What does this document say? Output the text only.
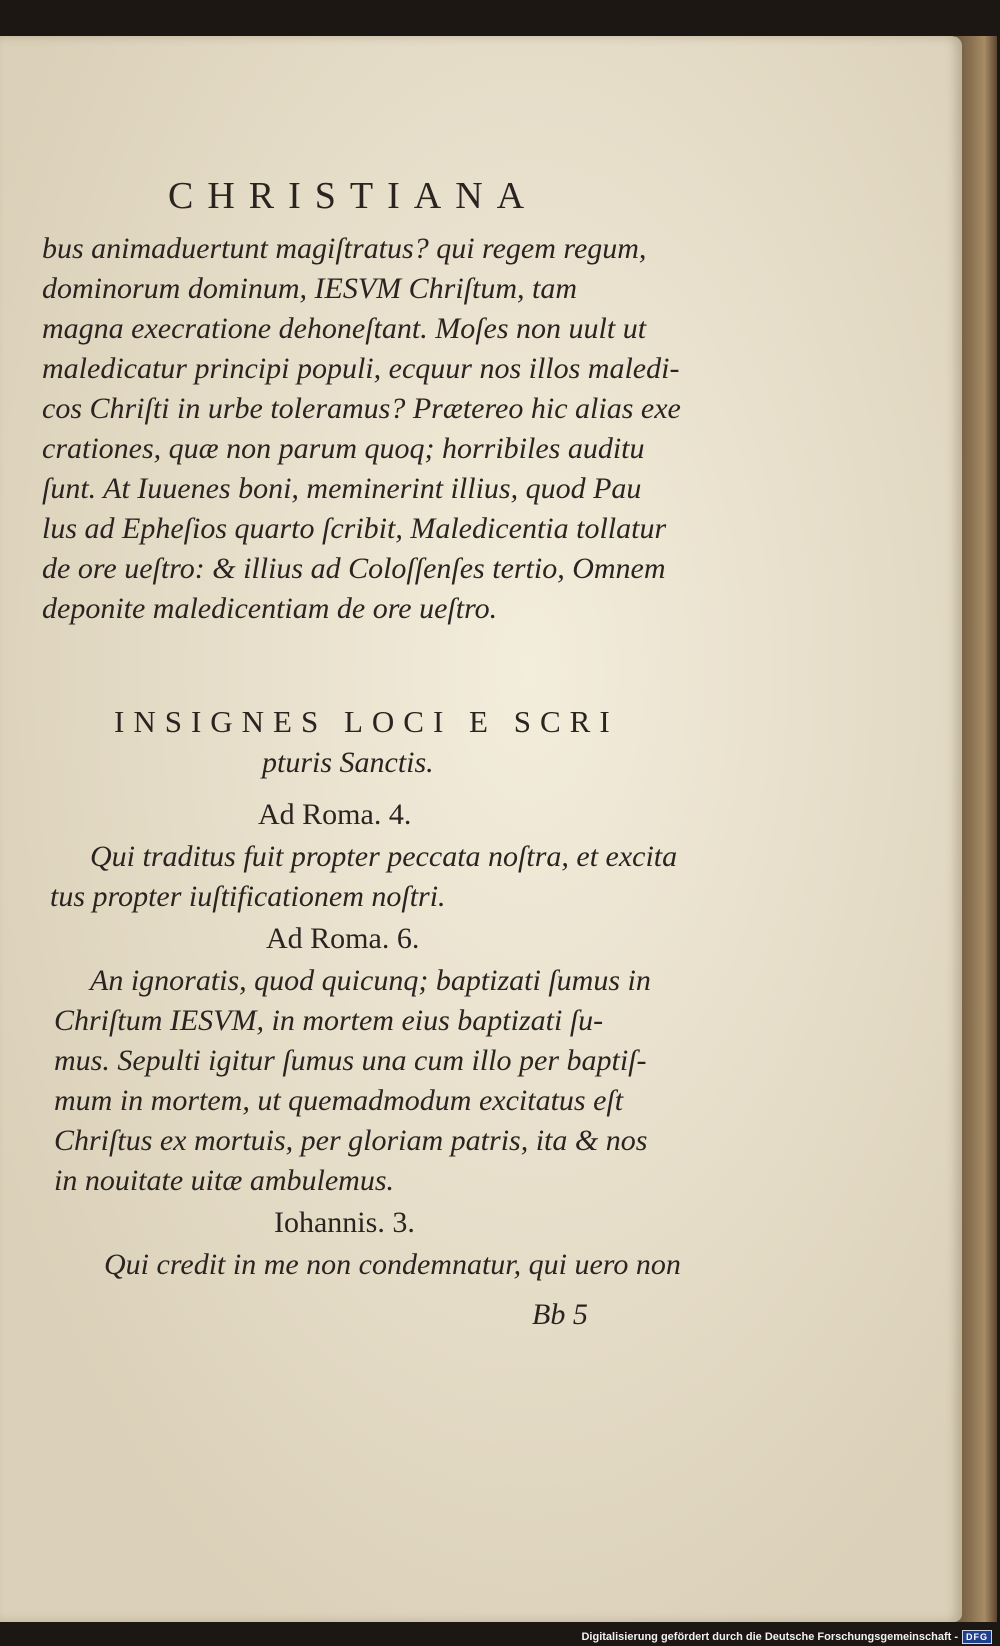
CHRISTIANA
bus animaduertunt magiſtratus? qui regem regum,
dominorum dominum, IESVM Chriſtum, tam
magna execratione dehoneſtant. Moſes non uult ut
maledicatur principi populi, ecquur nos illos maledi-
cos Chriſti in urbe toleramus? Prætereo hic alias exe
crationes, quæ non parum quoq; horribiles auditu
ſunt. At Iuuenes boni, meminerint illius, quod Pau
lus ad Epheſios quarto ſcribit, Maledicentia tollatur
de ore ueſtro: & illius ad Coloſſenſes tertio, Omnem
deponite maledicentiam de ore ueſtro.
INSIGNES LOCI E SCRI
pturis Sanctis.
Ad Roma. 4.
Qui traditus fuit propter peccata noſtra, et excita
tus propter iuſtificationem noſtri.
Ad Roma. 6.
An ignoratis, quod quicunq; baptizati ſumus in
Chriſtum IESVM, in mortem eius baptizati ſu-
mus. Sepulti igitur ſumus una cum illo per baptiſ-
mum in mortem, ut quemadmodum excitatus eſt
Chriſtus ex mortuis, per gloriam patris, ita & nos
in nouitate uitæ ambulemus.
Iohannis. 3.
Qui credit in me non condemnatur, qui uero non
Bb 5
Digitalisierung gefördert durch die Deutsche Forschungsgemeinschaft - DFG
